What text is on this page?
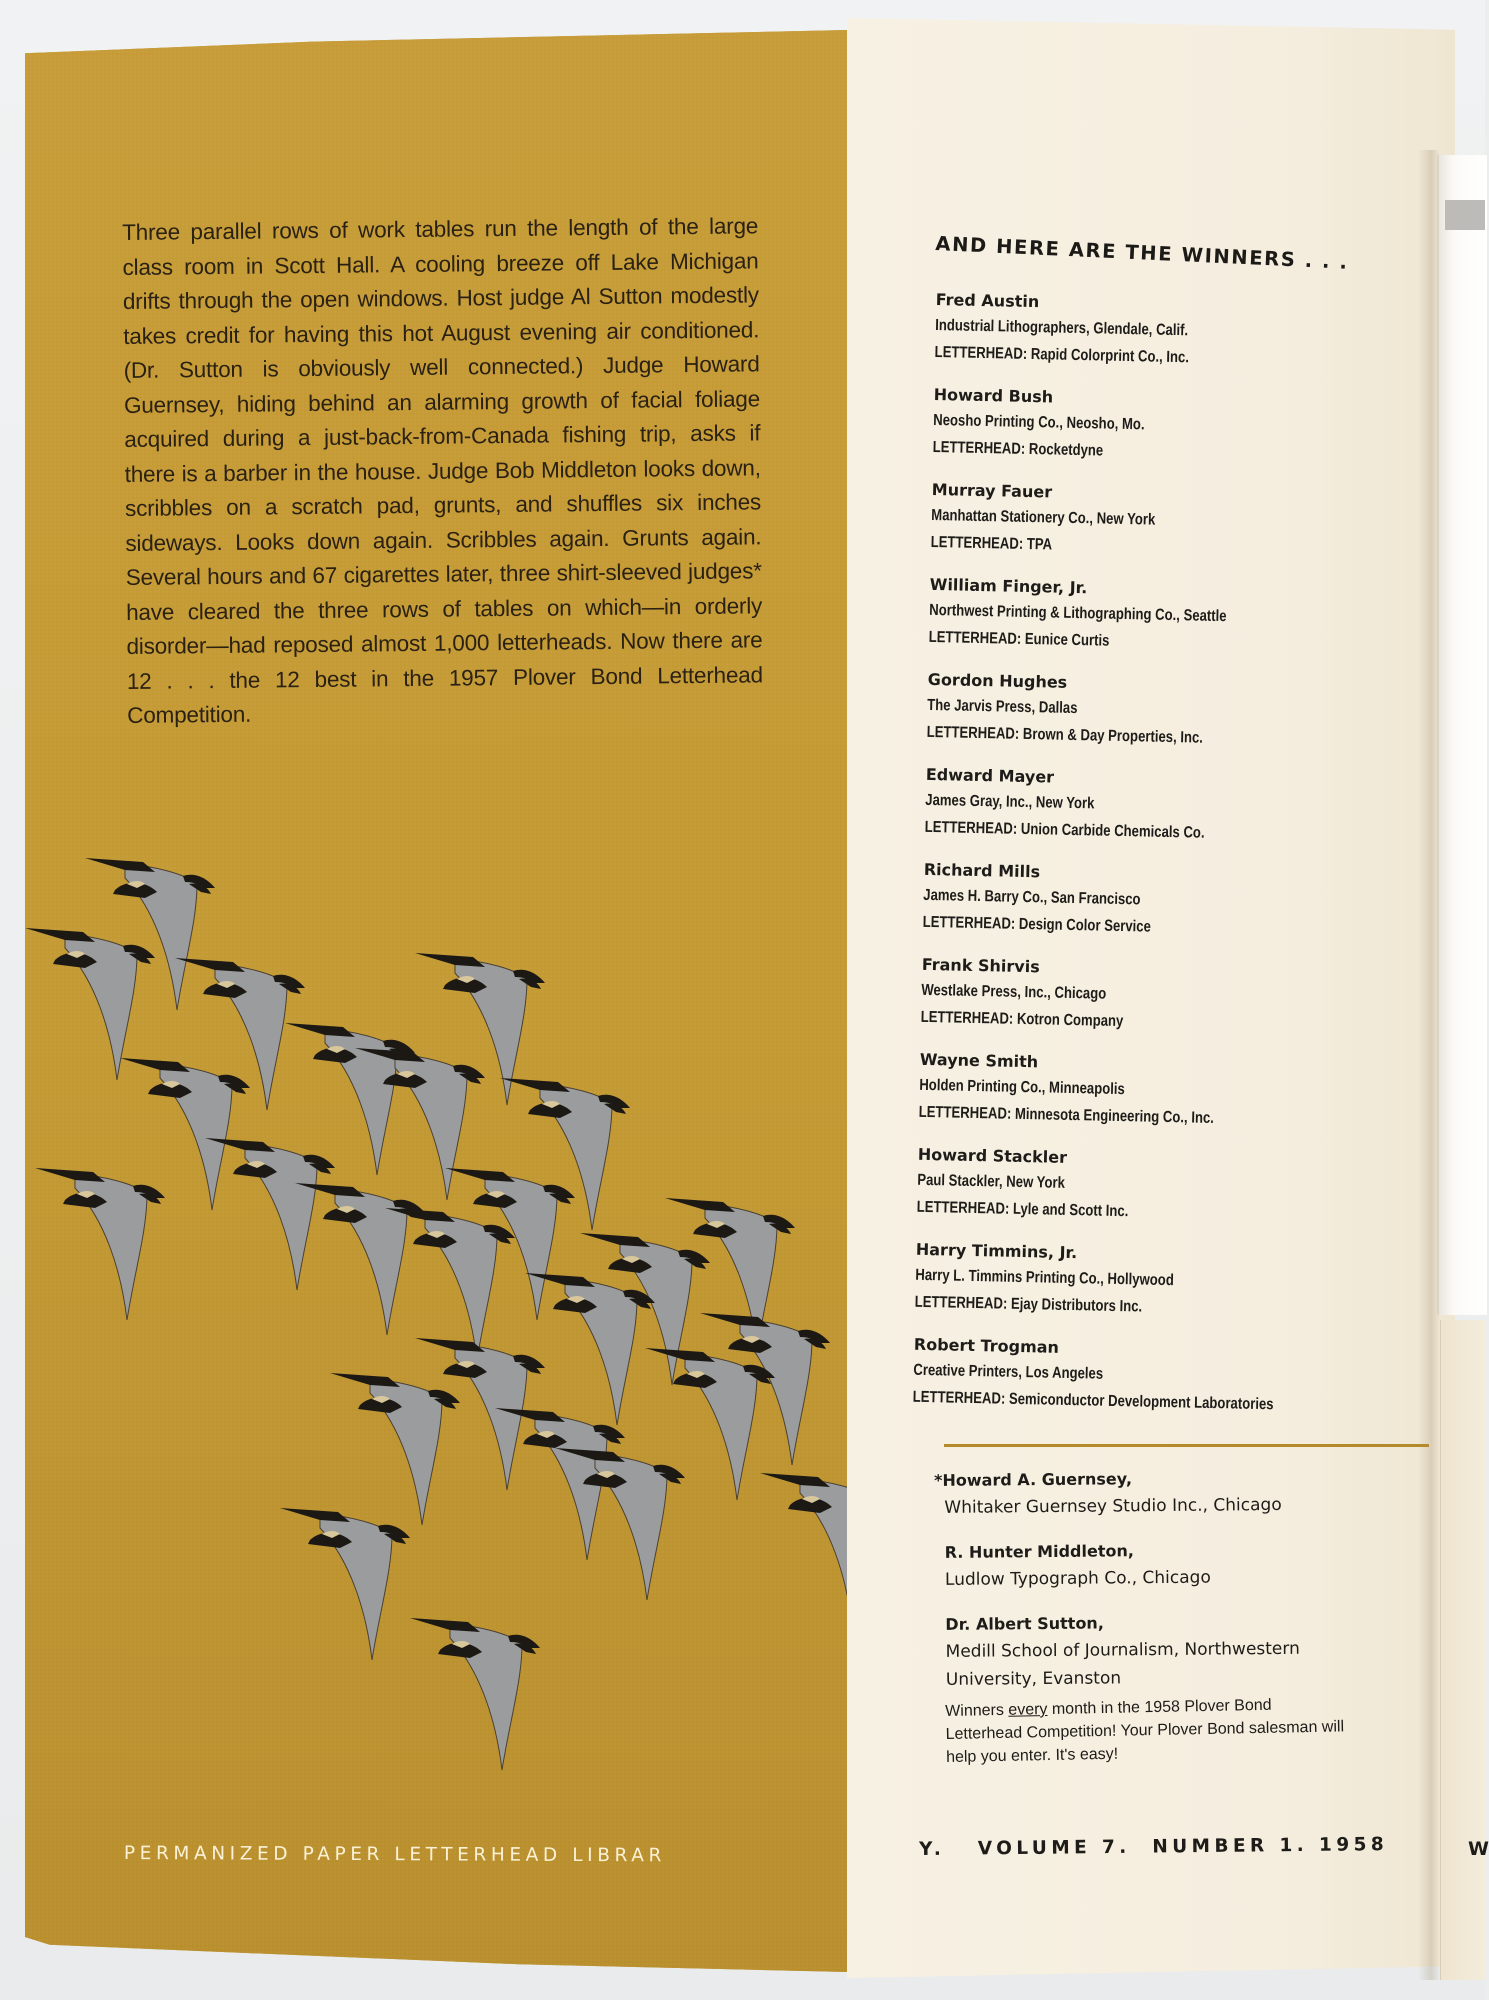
Three parallel rows of work tables run the length of the large class room in Scott Hall. A cooling breeze off Lake Michigan drifts through the open windows. Host judge Al Sutton modestly takes credit for having this hot August evening air conditioned. (Dr. Sutton is obviously well connected.) Judge Howard Guernsey, hiding behind an alarming growth of facial foliage acquired during a just-back-from-Canada fishing trip, asks if there is a barber in the house. Judge Bob Middleton looks down, scribbles on a scratch pad, grunts, and shuffles six inches sideways. Looks down again. Scribbles again. Grunts again. Several hours and 67 cigarettes later, three shirt-sleeved judges* have cleared the three rows of tables on which—in orderly disorder—had reposed almost 1,000 letterheads. Now there are 12 . . . the 12 best in the 1957 Plover Bond Letterhead Competition.

AND HERE ARE THE WINNERS . . .
Fred Austin
Industrial Lithographers, Glendale, Calif.
LETTERHEAD: Rapid Colorprint Co., Inc.
Howard Bush
Neosho Printing Co., Neosho, Mo.
LETTERHEAD: Rocketdyne
Murray Fauer
Manhattan Stationery Co., New York
LETTERHEAD: TPA
William Finger, Jr.
Northwest Printing & Lithographing Co., Seattle
LETTERHEAD: Eunice Curtis
Gordon Hughes
The Jarvis Press, Dallas
LETTERHEAD: Brown & Day Properties, Inc.
Edward Mayer
James Gray, Inc., New York
LETTERHEAD: Union Carbide Chemicals Co.
Richard Mills
James H. Barry Co., San Francisco
LETTERHEAD: Design Color Service
Frank Shirvis
Westlake Press, Inc., Chicago
LETTERHEAD: Kotron Company
Wayne Smith
Holden Printing Co., Minneapolis
LETTERHEAD: Minnesota Engineering Co., Inc.
Howard Stackler
Paul Stackler, New York
LETTERHEAD: Lyle and Scott Inc.
Harry Timmins, Jr.
Harry L. Timmins Printing Co., Hollywood
LETTERHEAD: Ejay Distributors Inc.
Robert Trogman
Creative Printers, Los Angeles
LETTERHEAD: Semiconductor Development Laboratories
*Howard A. Guernsey,
Whitaker Guernsey Studio Inc., Chicago
R. Hunter Middleton,
Ludlow Typograph Co., Chicago
Dr. Albert Sutton,
Medill School of Journalism, Northwestern University, Evanston
Winners every month in the 1958 Plover Bond Letterhead Competition! Your Plover Bond salesman will help you enter. It's easy!
PERMANIZED PAPER LETTERHEAD LIBRAR	Y.   VOLUME 7.  NUMBER 1. 1958	W
